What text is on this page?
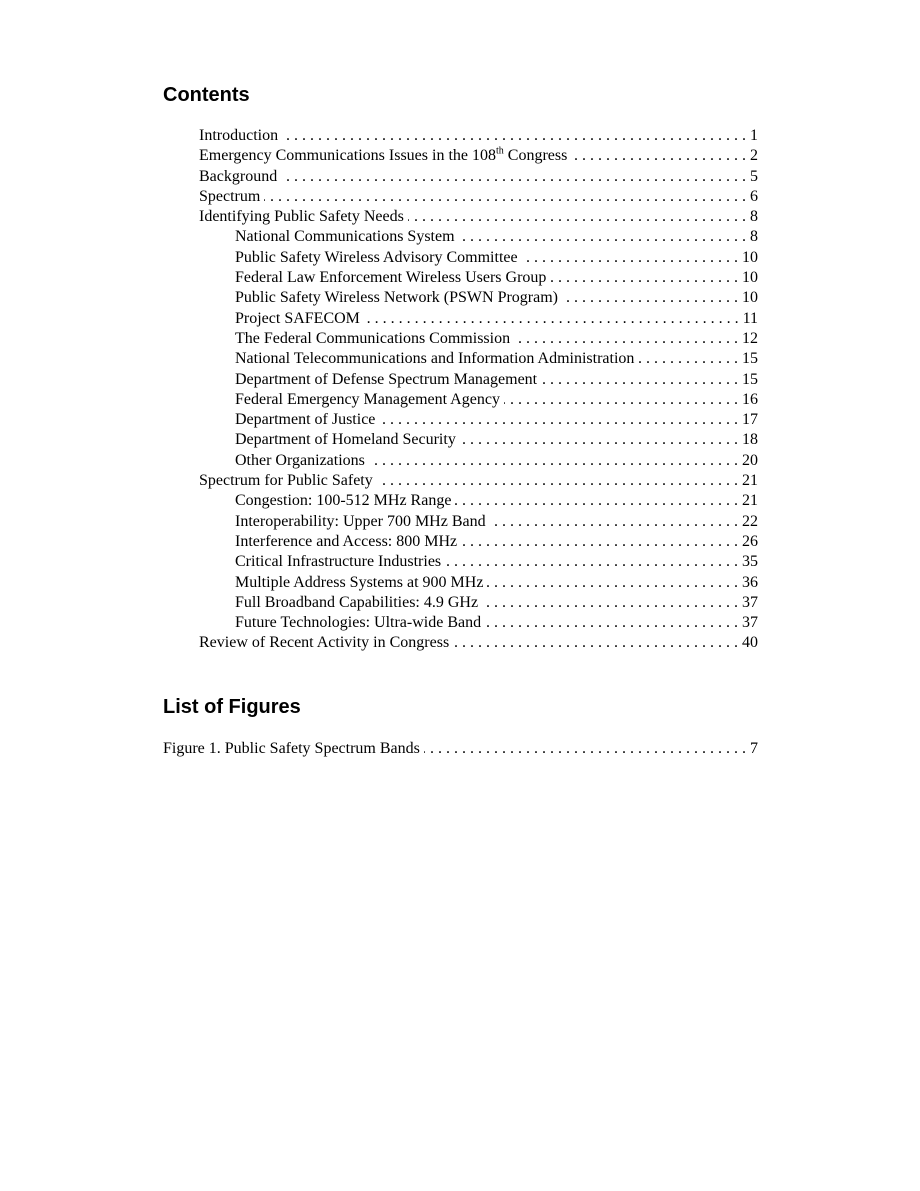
Contents
Introduction . . .	1
Emergency Communications Issues in the 108th Congress . . .	2
Background . . .	5
Spectrum . . .	6
Identifying Public Safety Needs . . .	8
National Communications System . . .	8
Public Safety Wireless Advisory Committee . . .	10
Federal Law Enforcement Wireless Users Group . . .	10
Public Safety Wireless Network (PSWN Program) . . .	10
Project SAFECOM . . .	11
The Federal Communications Commission . . .	12
National Telecommunications and Information Administration . . .	15
Department of Defense Spectrum Management . . .	15
Federal Emergency Management Agency . . .	16
Department of Justice . . .	17
Department of Homeland Security . . .	18
Other Organizations . . .	20
Spectrum for Public Safety . . .	21
Congestion: 100-512 MHz Range . . .	21
Interoperability: Upper 700 MHz Band . . .	22
Interference and Access: 800 MHz . . .	26
Critical Infrastructure Industries . . .	35
Multiple Address Systems at 900 MHz . . .	36
Full Broadband Capabilities: 4.9 GHz . . .	37
Future Technologies: Ultra-wide Band . . .	37
Review of Recent Activity in Congress . . .	40
List of Figures
Figure 1. Public Safety Spectrum Bands . . .	7
